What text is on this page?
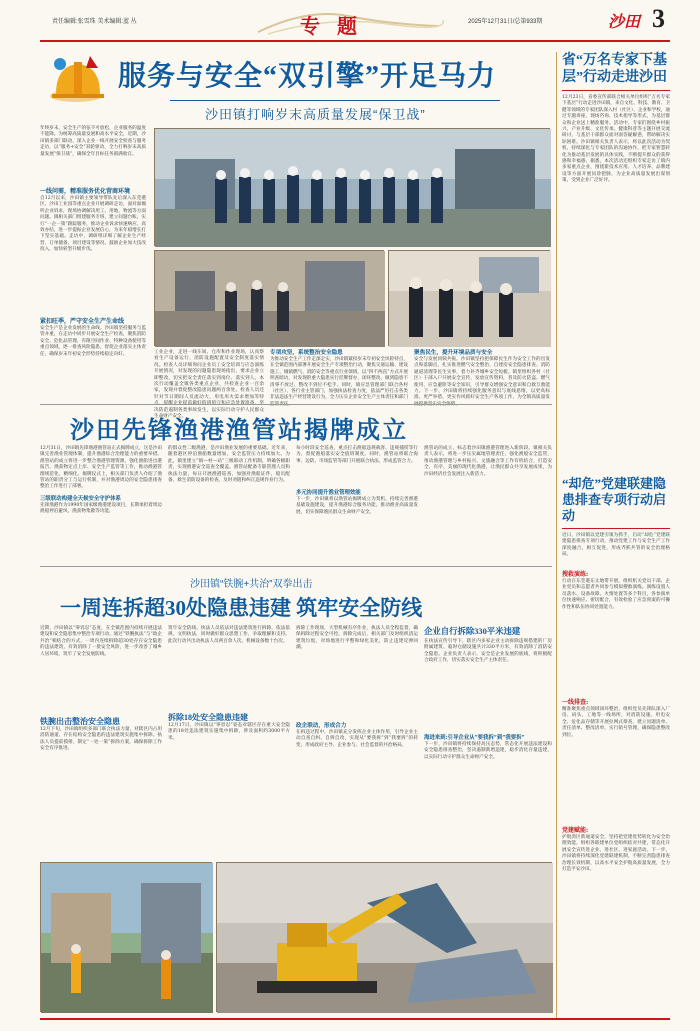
责任编辑:张雪珠 美术编辑:蓝 丛	专 题	2025年12月31日/总第933期	沙田 3
服务与安全“双引擎”开足马力
沙田镇打响岁末高质量发展“保卫战”
年终岁末，安全生产的弦不可放松，企业服务的温度不能降。为统筹高质量发展和高水平安全，近期，沙田镇多部门联动，深入企业一线开展安全检查与服务走访，以“服务+安全”双轮驱动，全力打响岁末高质量发展“保卫战”，确保全年目标任务圆满收官。
一线问需，精准服务优化营商环境
自12月以来，沙田镇主要领导带队先后深入东莞港区、沙田工业园等重点企业开展调研走访，面对面倾听企业诉求，现场协调解决用工、用地、物流等方面问题。镇相关部门组建服务专班，建立问题台账，实行“一企一策”跟踪服务，推动企业诉求快速响应、高效办结，进一步提振企业发展信心，为来年稳增长打下坚实基础。走访中，调研组详细了解企业生产经营、订单储备、项目建设等情况，鼓励企业加大技改投入，加快转型升级步伐。
紧扣旺季，严守安全生产生命线
安全生产是企业发展的生命线。沙田镇坚持服务与监管并重，在走访中同步开展安全生产检查，聚焦消防安全、危化品管理、有限空间作业、特种设备使用等重点领域，逐一排查风险隐患，督促企业落实主体责任，确保岁末年初安全形势持续稳定向好。	工业企业，走进一线车间、仓库和作业现场，认真察看生产设备运行、消防设施配置及安全制度落实情况。检查人员详细询问企业员工安全培训与应急演练开展情况，对发现的问题隐患现场指出，要求企业立即整改，切实把安全责任落实到岗位、落实到人。本次行动覆盖全镇各类重点企业，共检查企业一百余家，发现并督促整改隐患问题两百余处。检查人员还针对节日期间人员流动大、用电用火需求增加等特 决防范遏制各类事故发生，以实际行动守护人民群众生命财产安全。
专项攻坚，系统整治安全隐患
为推动安全生产工作走深走实，沙田镇紧扣岁末年初安全风险特点，在全镇范围内部署开展安全生产专项整治行动，聚焦交通运输、建设施工、城镇燃气、消防安全等重点行业领域，以“四不两直”方式开展明查暗访，对发现的重大隐患实行挂牌督办，闭环整改，做到隐患不清零不放过、整改不到位不松手。同时，镇应急管理部门联合各村（社区）、各行业主管部门，加强执法检查力度，依法严厉打击各类非法违法生产经营建设行为，全力压实企业安全生产主体责任和部门
聚焦民生，提升环境品质与安全
安全与发展同频共振。沙田镇坚持把保障民生作为安全工作的出发点和落脚点，扎实推进燃气安全整治、自建房安全隐患排查、消防通道清理等民生实事，着力补齐城乡安全短板。镇里组织各村（社区）干部入户开展安全宣传，发放宣传资料，普及防火防盗、燃气使用、应急避险等安全知识，引导群众增强安全意识和自救互救能力。下一步，沙田镇将持续强化服务意识与底线思维，以更高标准、更严举措、更实作风抓好安全生产各项工作，为全镇高质量发
省“万名专家下基层”行动走进沙田
12月23日，省委宣传部联合相关单位组织“万名专家下基层”行动走进沙田镇，来自文化、科技、教育、卫健等领域的专家团队深入村（社区）、企业和学校，通过专题讲座、现场咨询、技术指导等形式，为基层群众和企业送上精准服务。活动中，专家们围绕乡村振兴、产业升级、文化传承、健康科普等主题开展交流研讨，与基层干部群众面对面答疑解惑，帮助解决实际困难。沙田镇相关负责人表示，将以此次活动为契机，持续深化与专家团队的沟通协作，把专家智慧转化为推动基层发展的具体实践，不断提升群众的获得感和幸福感。据悉，本次活动还组织专家走访了镇内多家重点企业，围绕新技术应用、人才培养、品牌建设等方面开展问诊把脉，为企业高质量发展出谋划策，受到企业广泛好评。
“却危”党建联建隐患排查专项行动启动
近日，沙田镇以党建引领为抓手，启动“却危”党建联建隐患排查专项行动，推动党建工作与安全生产工作深度融合、相互促进，形成齐抓共管的安全治理格局。
搜救演练:
行动在东莞港东太地带开展，组织机关党员干部、企业党员和志愿者共同参与模拟搜救演练。演练设置人员落水、设备故障、火情处置等多个科目，各参演单位快速响应、密切配合，有效检验了应急预案的可操作性和队伍协同处置能力。
一线排查:
精准聚焦重点领域闭环整治，组织党员先锋队深入厂房、码头、工地等一线场所，对消防设施、用电安全、危化品存储等开展拉网式排查，建立问题清单、责任清单、整改清单，实行销号管理，确保隐患整改到位。
党建赋能:
护航湾区新通道安全，坚持把党建优势转化为安全治理效能，组织各联建单位党组织结对共建，常态化开展安全宣传进企业、进社区、进家庭活动。下一步，沙田镇将持续深化党建联建机制，不断完善隐患排查治理长效机制，以高水平安全护航高质量发展，全力打造平安沙田。
沙田先锋渔港渔管站揭牌成立
12月31日，沙田镇先锋渔港渔管站正式揭牌成立，这是沙田镇完善渔业管理体制、提升渔港综合治理能力的重要举措。渔管站的成立将进一步整合渔港管理资源，强化渔船进出港报告、渔获物定点上岸、安全生产监管等工作，推动渔港管理规范化、精细化。揭牌仪式上，相关部门负责人介绍了渔管站的职责分工与运行机制，并对渔港周边的安全隐患排查整治工作进行了部署。
三级联动构建全天候安全守护体系
先锋渔港作为1990年国家级渔港建设项目，长期承担着周边渔船停泊避风、渔获物集散等功能。
的群众性二级渔港，是沙田渔业发展的重要基础。近年来，随着港区停泊渔船数量增加，安全监管压力持续加大。为此，镇里建立“镇—村—站”三级联动工作机制，明确各级职责，实现渔港安全巡查全覆盖。渔管站配备专职管理人员和执法力量，每日开展渔港巡查，加强对渔船证件、船员配备、救生消防设备的检查，及时劝阻和纠正违规作业行为。
每小时段安全巡查，重点打击渔船违规载客、违规捕捞等行为，督促渔船落实安全值班制度。同时，渔管站将联合海事、边防、市场监管等部门开展联合执法，形成监管合力。
多元协同提升渔业管理效能
下一步，沙田镇将以渔管站揭牌成立为契机，持续完善渔港基础设施建设，提升渔港综合服务功能，推动渔业高质量发展，切实保障渔民群众生命财产安全。
渔管站的成立，标志着沙田镇渔港管理进入新阶段。镇相关负责人表示，将进一步压实属地管理责任，强化渔船安全监管，推动渔港管理与乡村振兴、文旅融合等工作有机结合，打造安全、有序、美丽的现代化渔港，让渔民群众共享发展成果，为沙田经济社会发展注入新活力。
沙田镇“铁腕+共治”双拳出击
一周连拆超30处隐患违建 筑牢安全防线
近期，沙田镇以“零容忍”态度，在全镇范围内持续开展违法建设和安全隐患集中整治专项行动。通过“铁腕执法”与“政企共治”相结合的方式，一周内连续拆除超30处存在安全隐患的违法建筑，有效消除了一批安全风险，进一步改善了城乡人居环境，筑牢了安全发展防线。
铁腕出击整治安全隐患
12月下旬，沙田镇组织多部门联合执法力量，对辖区内占用消防通道、存在结构安全隐患的违法建筑实施集中拆除。执法人员提前摸排，制定“一处一策”拆除方案，确保拆除工作安全有序推进。
筑牢安全防线。执法人员依法对违法建筑进行拆除，依法依规、文明执法，同时做好群众思想工作，争取理解和支持。此次行动共出动执法人员两百余人次，机械设备数十台次。
拆除18处安全隐患违建
12月17日，沙田镇以“零容忍”姿态对辖区存在重大安全隐患的18处违法建筑实施集中拆除，涉及面积约3000平方米。
拆除工作现场，大型机械有序作业，执法人员全程监督，确保拆除过程安全可控。拆除完成后，相关部门及时组织清运建筑垃圾，对场地进行平整和绿化美化，防止违建反弹回潮。
政企联动，形成合力
在拆违过程中，沙田镇充分发挥企业主体作用，引导企业主动自查自纠、自拆自改，实现从“要我拆”到“我要拆”的转变，形成政府主导、企业参与、社会监督的共治格局。
企业自行拆除330平米违建
在执法宣传引导下，辖区内多家企业主动拆除违规搭建的厂房附属建筑、临时仓储设施共计330平方米，有效消除了消防安全隐患。企业负责人表示，安全是企业发展的底线，将积极配合政府工作，切实落实安全生产主体责任。
海进来到:引导企业从“要我拆”到“我要拆”
下一步，沙田镇将持续保持高压态势，常态化开展违法建设和安全隐患排查整治，坚决遏制新增违建，稳步消化存量违建，以实际行动守护群众生命财产安全。
